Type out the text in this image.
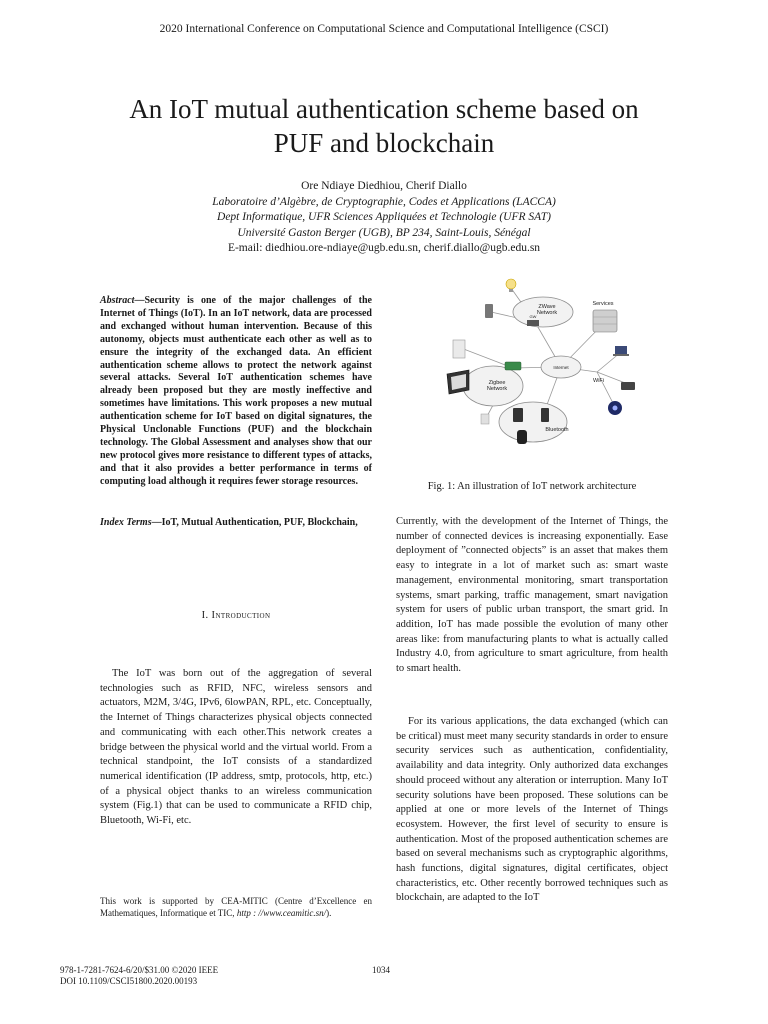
2020 International Conference on Computational Science and Computational Intelligence (CSCI)
An IoT mutual authentication scheme based on
PUF and blockchain
Ore Ndiaye Diedhiou, Cherif Diallo
Laboratoire d’Algèbre, de Cryptographie, Codes et Applications (LACCA)
Dept Informatique, UFR Sciences Appliquées et Technologie (UFR SAT)
Université Gaston Berger (UGB), BP 234, Saint-Louis, Sénégal
E-mail: diedhiou.ore-ndiaye@ugb.edu.sn, cherif.diallo@ugb.edu.sn

Abstract—Security is one of the major challenges of the Internet of Things (IoT). In an IoT network, data are processed and exchanged without human intervention. Because of this autonomy, objects must authenticate each other as well as to ensure the integrity of the exchanged data. An efficient authentication scheme allows to protect the network against several attacks. Several IoT authentication schemes have already been proposed but they are mostly ineffective and sometimes have limitations. This work proposes a new mutual authentication scheme for IoT based on digital signatures, the Physical Unclonable Functions (PUF) and the blockchain technology. The Global Assessment and analyses show that our new protocol gives more resistance to different types of attacks, and that it also provides a better performance in terms of computing load although it requires fewer storage resources.

Index Terms—IoT, Mutual Authentication, PUF, Blockchain,

I. Introduction

The IoT was born out of the aggregation of several technologies such as RFID, NFC, wireless sensors and actuators, M2M, 3/4G, IPv6, 6lowPAN, RPL, etc. Conceptually, the Internet of Things characterizes physical objects connected and communicating with each other.This network creates a bridge between the physical world and the virtual world. From a technical standpoint, the IoT consists of a standardized numerical identification (IP address, smtp, protocols, http, etc.) of a physical object thanks to an wireless communication system (Fig.1) that can be used to communicate a RFID chip, Bluetooth, Wi-Fi, etc.

This work is supported by CEA-MITIC (Centre d’Excellence en Mathematiques, Informatique et TIC, http : //www.ceamitic.sn/).
ZWave Network
Internet
Zigbee Network
Bluetooth
Services
GW
WiFi
Fig. 1: An illustration of IoT network architecture

Currently, with the development of the Internet of Things, the number of connected devices is increasing exponentially. Ease deployment of ”connected objects” is an asset that makes them easy to integrate in a lot of market such as: smart waste management, environmental monitoring, smart transportation systems, smart parking, traffic management, smart navigation system for users of public urban transport, the smart grid. In addition, IoT has made possible the evolution of many other areas like: from manufacturing plants to what is actually called Industry 4.0, from agriculture to smart agriculture, from health to smart health.

For its various applications, the data exchanged (which can be critical) must meet many security standards in order to ensure security services such as authentication, confidentiality, availability and data integrity. Only authorized data exchanges should proceed without any alteration or interruption. Many IoT security solutions have been proposed. These solutions can be applied at one or more levels of the Internet of Things ecosystem. However, the first level of security to ensure is authentication. Most of the proposed authentication schemes are based on several mechanisms such as cryptographic algorithms, hash functions, digital signatures, digital certificates, object characteristics, etc. Other recently borrowed techniques such as blockchain, are adapted to the IoT

978-1-7281-7624-6/20/$31.00 ©2020 IEEE
DOI 10.1109/CSCI51800.2020.00193
1034
